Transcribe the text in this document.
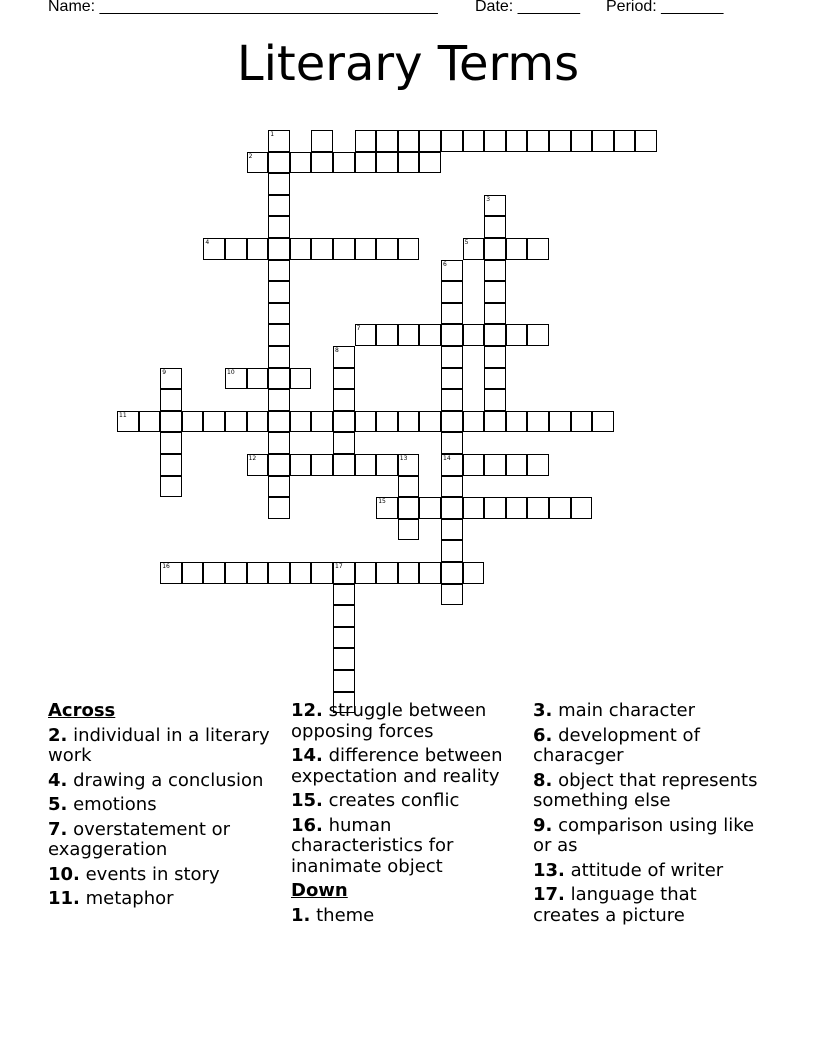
Name: ______________________________________

Date: _______

Period: _______

Literary Terms
1
2
3
4	5
6
7
8
9	10
11
12	13	14
15
16	17
Across
2. individual in a literary work
4. drawing a conclusion
5. emotions
7. overstatement or exaggeration
10. events in story
11. metaphor
12. struggle between opposing forces
14. difference between expectation and reality
15. creates conflic
16. human characteristics for inanimate object
Down
1. theme
3. main character
6. development of characger
8. object that represents something else
9. comparison using like or as
13. attitude of writer
17. language that creates a picture
